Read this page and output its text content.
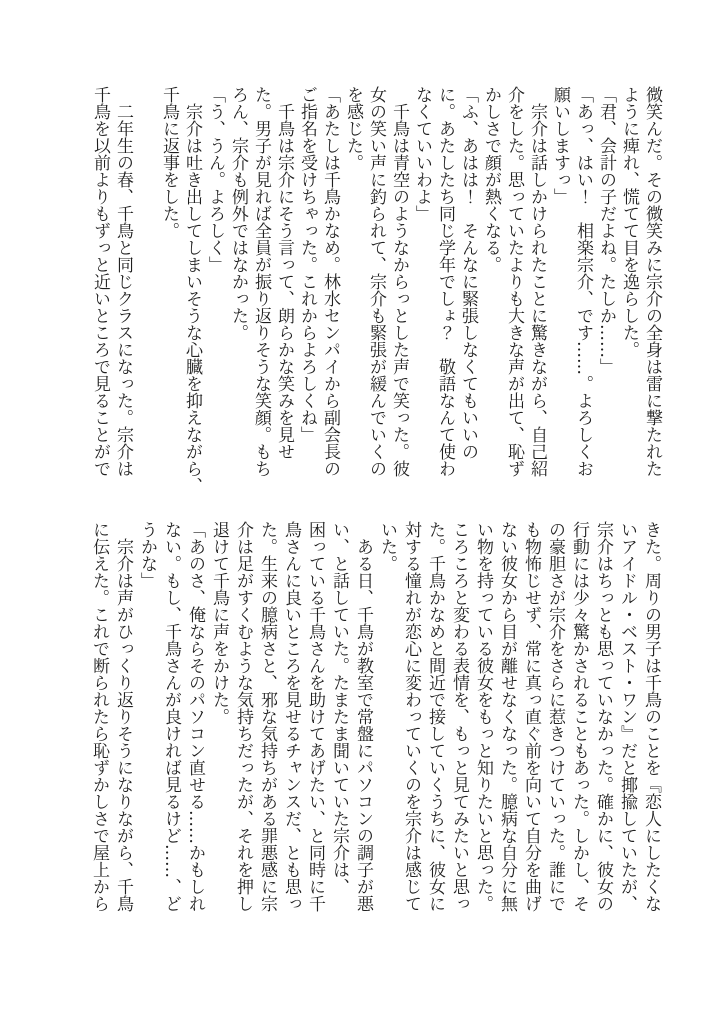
微笑んだ。その微笑みに宗介の全身は雷に撃たれた

ように痺れ、慌てて目を逸らした。

「君、会計の子だよね。たしか……」

「あっ、はい！　相楽宗介、です……。よろしくお

願いしますっ」

　宗介は話しかけられたことに驚きながら、自己紹

介をした。思っていたよりも大きな声が出て、恥ず

かしさで顔が熱くなる。

「ふ、あはは！　そんなに緊張しなくてもいいの

に。あたしたち同じ学年でしょ？　敬語なんて使わ

なくていいわよ」

　千鳥は青空のようなからっとした声で笑った。彼

女の笑い声に釣られて、宗介も緊張が緩んでいくの

を感じた。

「あたしは千鳥かなめ。林水センパイから副会長の

ご指名を受けちゃった。これからよろしくね」

　千鳥は宗介にそう言って、朗らかな笑みを見せ

た。男子が見れば全員が振り返りそうな笑顔。もち

ろん、宗介も例外ではなかった。

「う、うん。よろしく」

　宗介は吐き出してしまいそうな心臓を抑えながら、

千鳥に返事をした。

　二年生の春、千鳥と同じクラスになった。宗介は

千鳥を以前よりもずっと近いところで見ることがで

きた。周りの男子は千鳥のことを『恋人にしたくな

いアイドル・ベスト・ワン』だと揶揄していたが、

宗介はちっとも思っていなかった。確かに、彼女の

行動には少々驚かされることもあった。しかし、そ

の豪胆さが宗介をさらに惹きつけていった。誰にで

も物怖じせず、常に真っ直ぐ前を向いて自分を曲げ

ない彼女から目が離せなくなった。臆病な自分に無

い物を持っている彼女をもっと知りたいと思った。

ころころと変わる表情を、もっと見てみたいと思っ

た。千鳥かなめと間近で接していくうちに、彼女に

対する憧れが恋心に変わっていくのを宗介は感じて

いた。

　ある日、千鳥が教室で常盤にパソコンの調子が悪

い、と話していた。たまたま聞いていた宗介は、

困っている千鳥さんを助けてあげたい、と同時に千

鳥さんに良いところを見せるチャンスだ、とも思っ

た。生来の臆病さと、邪な気持ちがある罪悪感に宗

介は足がすくむような気持ちだったが、それを押し

退けて千鳥に声をかけた。

「あのさ、俺ならそのパソコン直せる……かもしれ

ない。もし、千鳥さんが良ければ見るけど……、ど

うかな」

　宗介は声がひっくり返りそうになりながら、千鳥

に伝えた。これで断られたら恥ずかしさで屋上から
